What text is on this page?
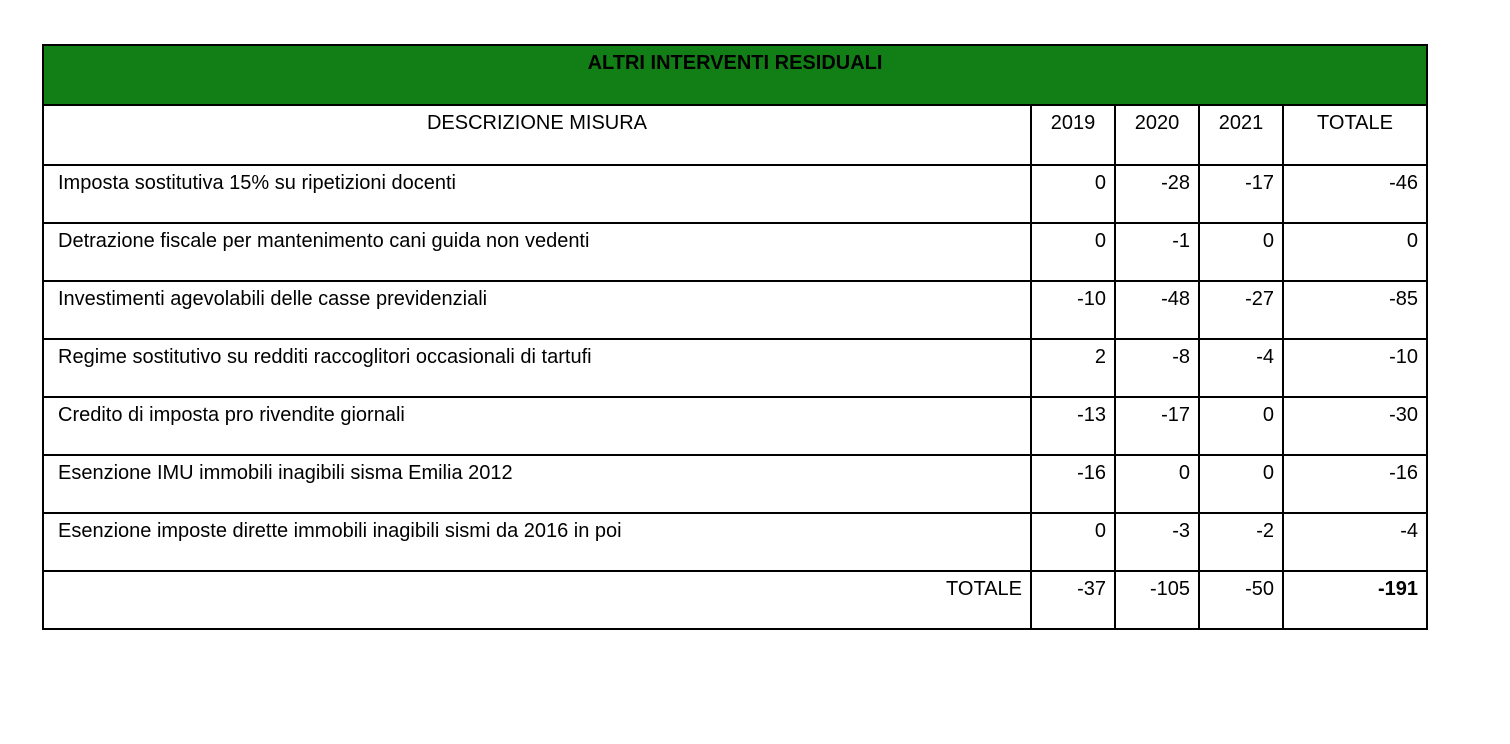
ALTRI INTERVENTI RESIDUALI				
DESCRIZIONE MISURA	2019	2020	2021	TOTALE
Imposta sostitutiva 15% su ripetizioni docenti	0	-28	-17	-46
Detrazione fiscale per mantenimento cani guida non vedenti	0	-1	0	0
Investimenti agevolabili delle casse previdenziali	-10	-48	-27	-85
Regime sostitutivo su redditi raccoglitori occasionali di tartufi	2	-8	-4	-10
Credito di imposta pro rivendite giornali	-13	-17	0	-30
Esenzione IMU immobili inagibili sisma Emilia 2012	-16	0	0	-16
Esenzione imposte dirette immobili inagibili sismi da 2016 in poi	0	-3	-2	-4
TOTALE	-37	-105	-50	-191
